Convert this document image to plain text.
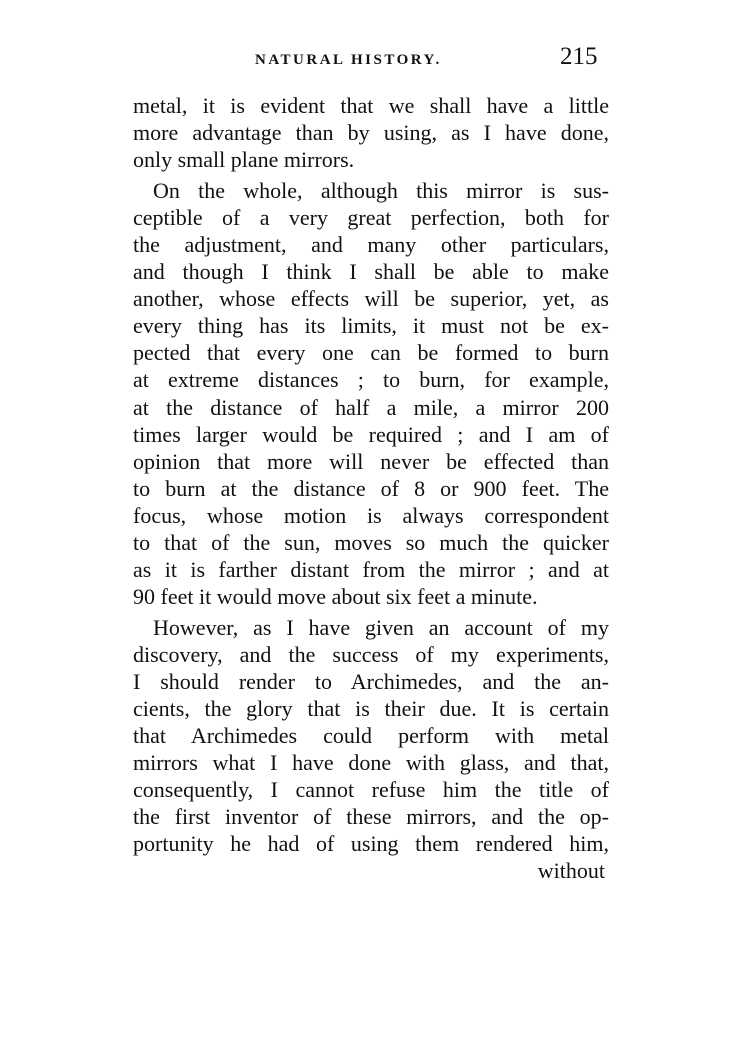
NATURAL HISTORY.	215
metal, it is evident that we shall have a little
more advantage than by using, as I have done,
only small plane mirrors.
On the whole, although this mirror is sus-
ceptible of a very great perfection, both for
the adjustment, and many other particulars,
and though I think I shall be able to make
another, whose effects will be superior, yet, as
every thing has its limits, it must not be ex-
pected that every one can be formed to burn
at extreme distances ; to burn, for example,
at the distance of half a mile, a mirror 200
times larger would be required ; and I am of
opinion that more will never be effected than
to burn at the distance of 8 or 900 feet. The
focus, whose motion is always correspondent
to that of the sun, moves so much the quicker
as it is farther distant from the mirror ; and at
90 feet it would move about six feet a minute.
However, as I have given an account of my
discovery, and the success of my experiments,
I should render to Archimedes, and the an-
cients, the glory that is their due. It is certain
that Archimedes could perform with metal
mirrors what I have done with glass, and that,
consequently, I cannot refuse him the title of
the first inventor of these mirrors, and the op-
portunity he had of using them rendered him,
without
